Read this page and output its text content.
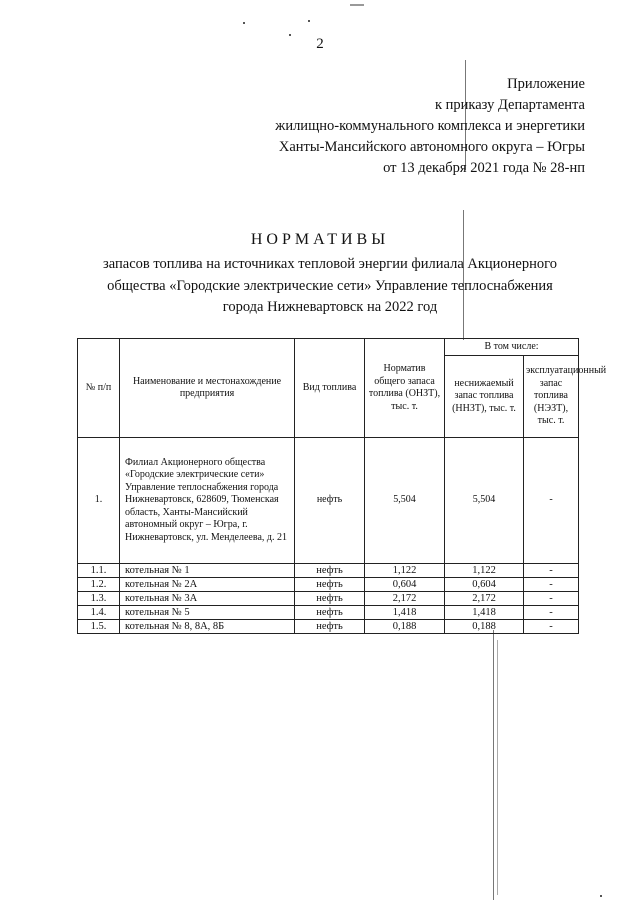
2
Приложение
к приказу Департамента
жилищно-коммунального комплекса и энергетики
Ханты-Мансийского автономного округа – Югры
от 13 декабря 2021 года № 28-нп
НОРМАТИВЫ
запасов топлива на источниках тепловой энергии филиала Акционерного
общества «Городские электрические сети» Управление теплоснабжения
города Нижневартовск на 2022 год
№ п/п	Наименование и местонахождение предприятия	Вид топлива	Норматив общего запаса топлива (ОНЗТ), тыс. т.	В том числе:	
				неснижаемый запас топлива (ННЗТ), тыс. т.	эксплуатационный запас топлива (НЭЗТ), тыс. т.
1.	Филиал Акционерного общества «Городские электрические сети» Управление теплоснабжения города Нижневартовск, 628609, Тюменская область, Ханты-Мансийский автономный округ – Югра, г. Нижневартовск, ул. Менделеева, д. 21	нефть	5,504	5,504	-
1.1.	котельная № 1	нефть	1,122	1,122	-
1.2.	котельная № 2А	нефть	0,604	0,604	-
1.3.	котельная № 3А	нефть	2,172	2,172	-
1.4.	котельная № 5	нефть	1,418	1,418	-
1.5.	котельная № 8, 8А, 8Б	нефть	0,188	0,188	-
